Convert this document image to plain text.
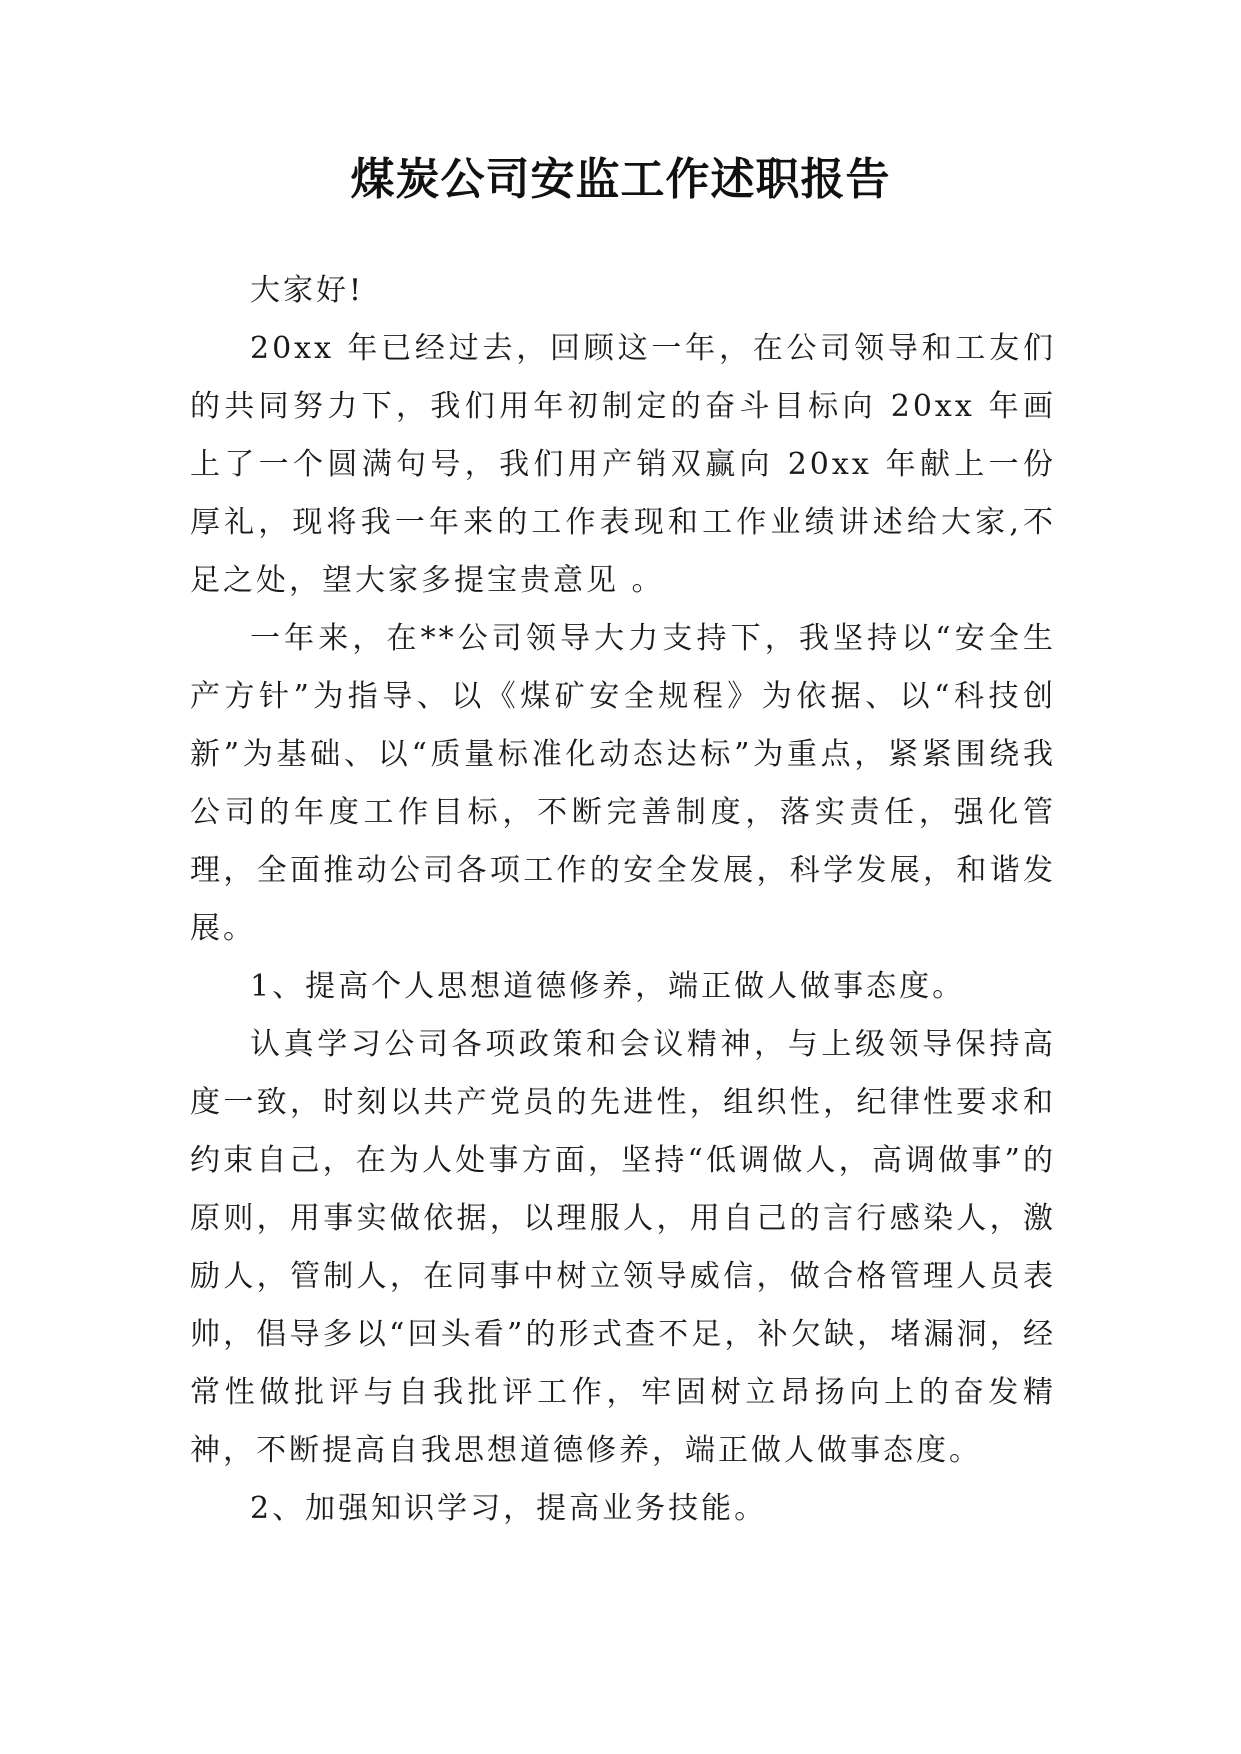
煤炭公司安监工作述职报告

大家好!

20xx 年已经过去，回顾这一年，在公司领导和工友们的共同努力下，我们用年初制定的奋斗目标向 20xx 年画上了一个圆满句号，我们用产销双赢向 20xx 年献上一份厚礼，现将我一年来的工作表现和工作业绩讲述给大家,不足之处，望大家多提宝贵意见 。

一年来，在**公司领导大力支持下，我坚持以“安全生产方针”为指导、以《煤矿安全规程》为依据、以“科技创新”为基础、以“质量标准化动态达标”为重点，紧紧围绕我公司的年度工作目标，不断完善制度，落实责任，强化管理，全面推动公司各项工作的安全发展，科学发展，和谐发展。

1、提高个人思想道德修养，端正做人做事态度。

认真学习公司各项政策和会议精神，与上级领导保持高度一致，时刻以共产党员的先进性，组织性，纪律性要求和约束自己，在为人处事方面，坚持“低调做人，高调做事”的原则，用事实做依据，以理服人，用自己的言行感染人，激励人，管制人，在同事中树立领导威信，做合格管理人员表帅，倡导多以“回头看”的形式查不足，补欠缺，堵漏洞，经常性做批评与自我批评工作，牢固树立昂扬向上的奋发精神，不断提高自我思想道德修养，端正做人做事态度。

2、加强知识学习，提高业务技能。
